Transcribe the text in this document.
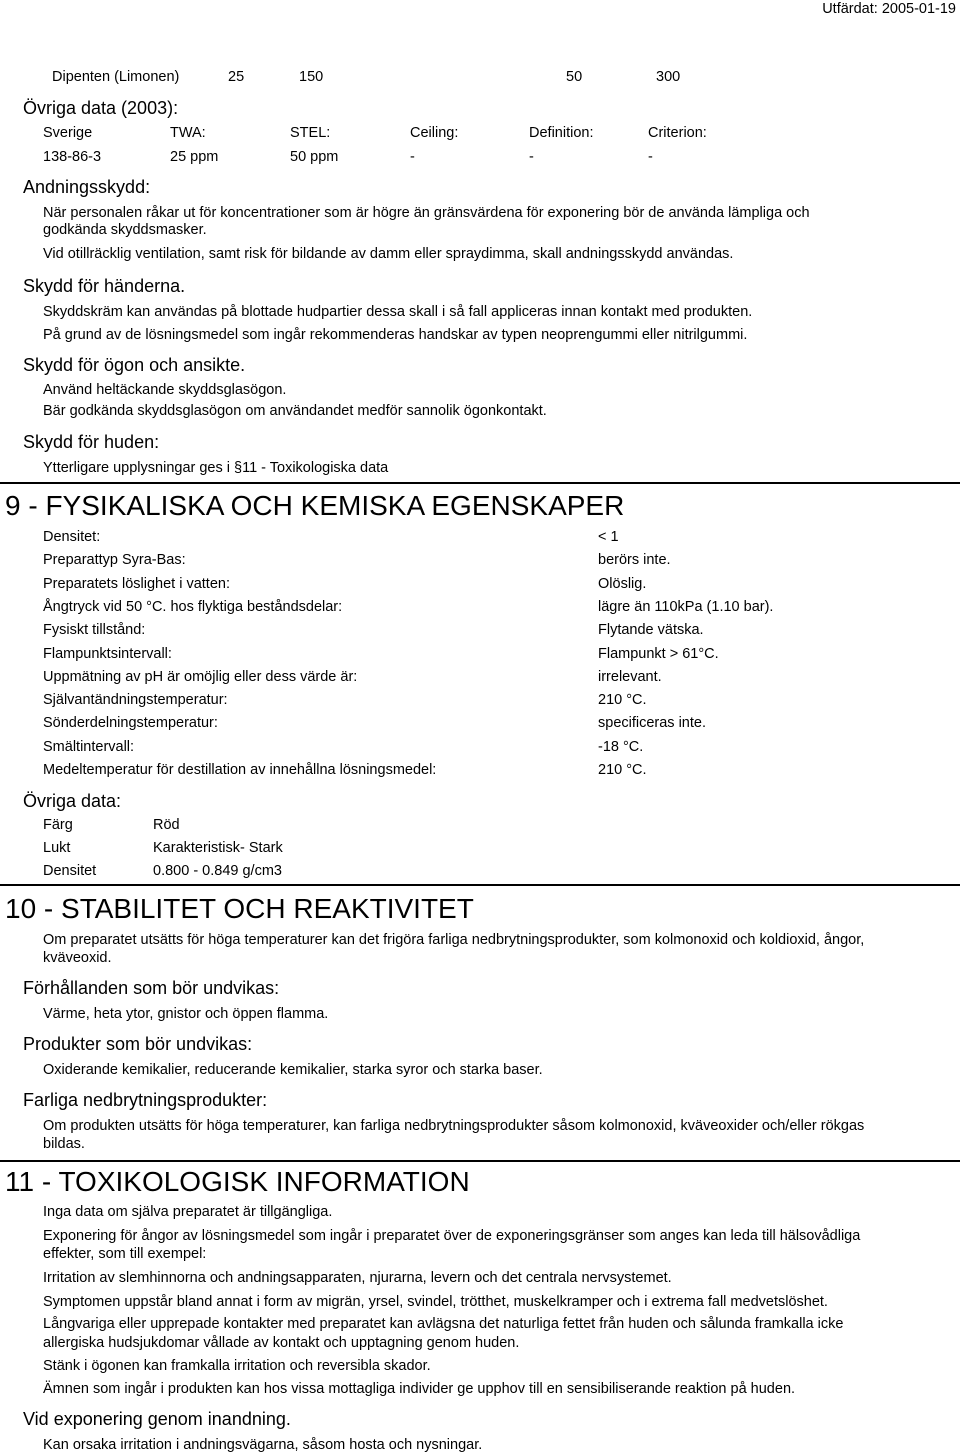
Utfärdat: 2005-01-19
Dipenten (Limonen)	25	150	50	300
Övriga data (2003):
Sverige	TWA:	STEL:	Ceiling:	Definition:	Criterion:
138-86-3	25 ppm	50 ppm	-	-	-
Andningsskydd:
När personalen råkar ut för koncentrationer som är högre än gränsvärdena för exponering bör de använda lämpliga och
godkända skyddsmasker.
Vid otillräcklig ventilation, samt risk för bildande av damm eller spraydimma, skall andningsskydd användas.
Skydd för händerna.
Skyddskräm kan användas på blottade hudpartier dessa skall i så fall appliceras innan kontakt med produkten.
På grund av de lösningsmedel som ingår rekommenderas handskar av typen neoprengummi eller nitrilgummi.
Skydd för ögon och ansikte.
Använd heltäckande skyddsglasögon.
Bär godkända skyddsglasögon om användandet medför sannolik ögonkontakt.
Skydd för huden:
Ytterligare upplysningar ges i §11 - Toxikologiska data
9 - FYSIKALISKA OCH KEMISKA EGENSKAPER
Densitet:	< 1
Preparattyp Syra-Bas:	berörs inte.
Preparatets löslighet i vatten:	Olöslig.
Ångtryck vid 50 °C. hos flyktiga beståndsdelar:	lägre än 110kPa (1.10 bar).
Fysiskt tillstånd:	Flytande vätska.
Flampunktsintervall:	Flampunkt > 61°C.
Uppmätning av pH är omöjlig eller dess värde är:	irrelevant.
Självantändningstemperatur:	210 °C.
Sönderdelningstemperatur:	specificeras inte.
Smältintervall:	-18 °C.
Medeltemperatur för destillation av innehållna lösningsmedel:	210 °C.
Övriga data:
Färg	Röd
Lukt	Karakteristisk- Stark
Densitet	0.800 - 0.849 g/cm3
10 - STABILITET OCH REAKTIVITET
Om preparatet utsätts för höga temperaturer kan det frigöra farliga nedbrytningsprodukter, som kolmonoxid och koldioxid, ångor,
kväveoxid.
Förhållanden som bör undvikas:
Värme, heta ytor, gnistor och öppen flamma.
Produkter som bör undvikas:
Oxiderande kemikalier, reducerande kemikalier, starka syror och starka baser.
Farliga nedbrytningsprodukter:
Om produkten utsätts för höga temperaturer, kan farliga nedbrytningsprodukter såsom kolmonoxid, kväveoxider och/eller rökgas
bildas.
11 - TOXIKOLOGISK INFORMATION
Inga data om själva preparatet är tillgängliga.
Exponering för ångor av lösningsmedel som ingår i preparatet över de exponeringsgränser som anges kan leda till hälsovådliga
effekter, som till exempel:
Irritation av slemhinnorna och andningsapparaten, njurarna, levern och det centrala nervsystemet.
Symptomen uppstår bland annat i form av migrän, yrsel, svindel, trötthet, muskelkramper och i extrema fall medvetslöshet.
Långvariga eller upprepade kontakter med preparatet kan avlägsna det naturliga fettet från huden och sålunda framkalla icke
allergiska hudsjukdomar vållade av kontakt och upptagning genom huden.
Stänk i ögonen kan framkalla irritation och reversibla skador.
Ämnen som ingår i produkten kan hos vissa mottagliga individer ge upphov till en sensibiliserande reaktion på huden.
Vid exponering genom inandning.
Kan orsaka irritation i andningsvägarna, såsom hosta och nysningar.
